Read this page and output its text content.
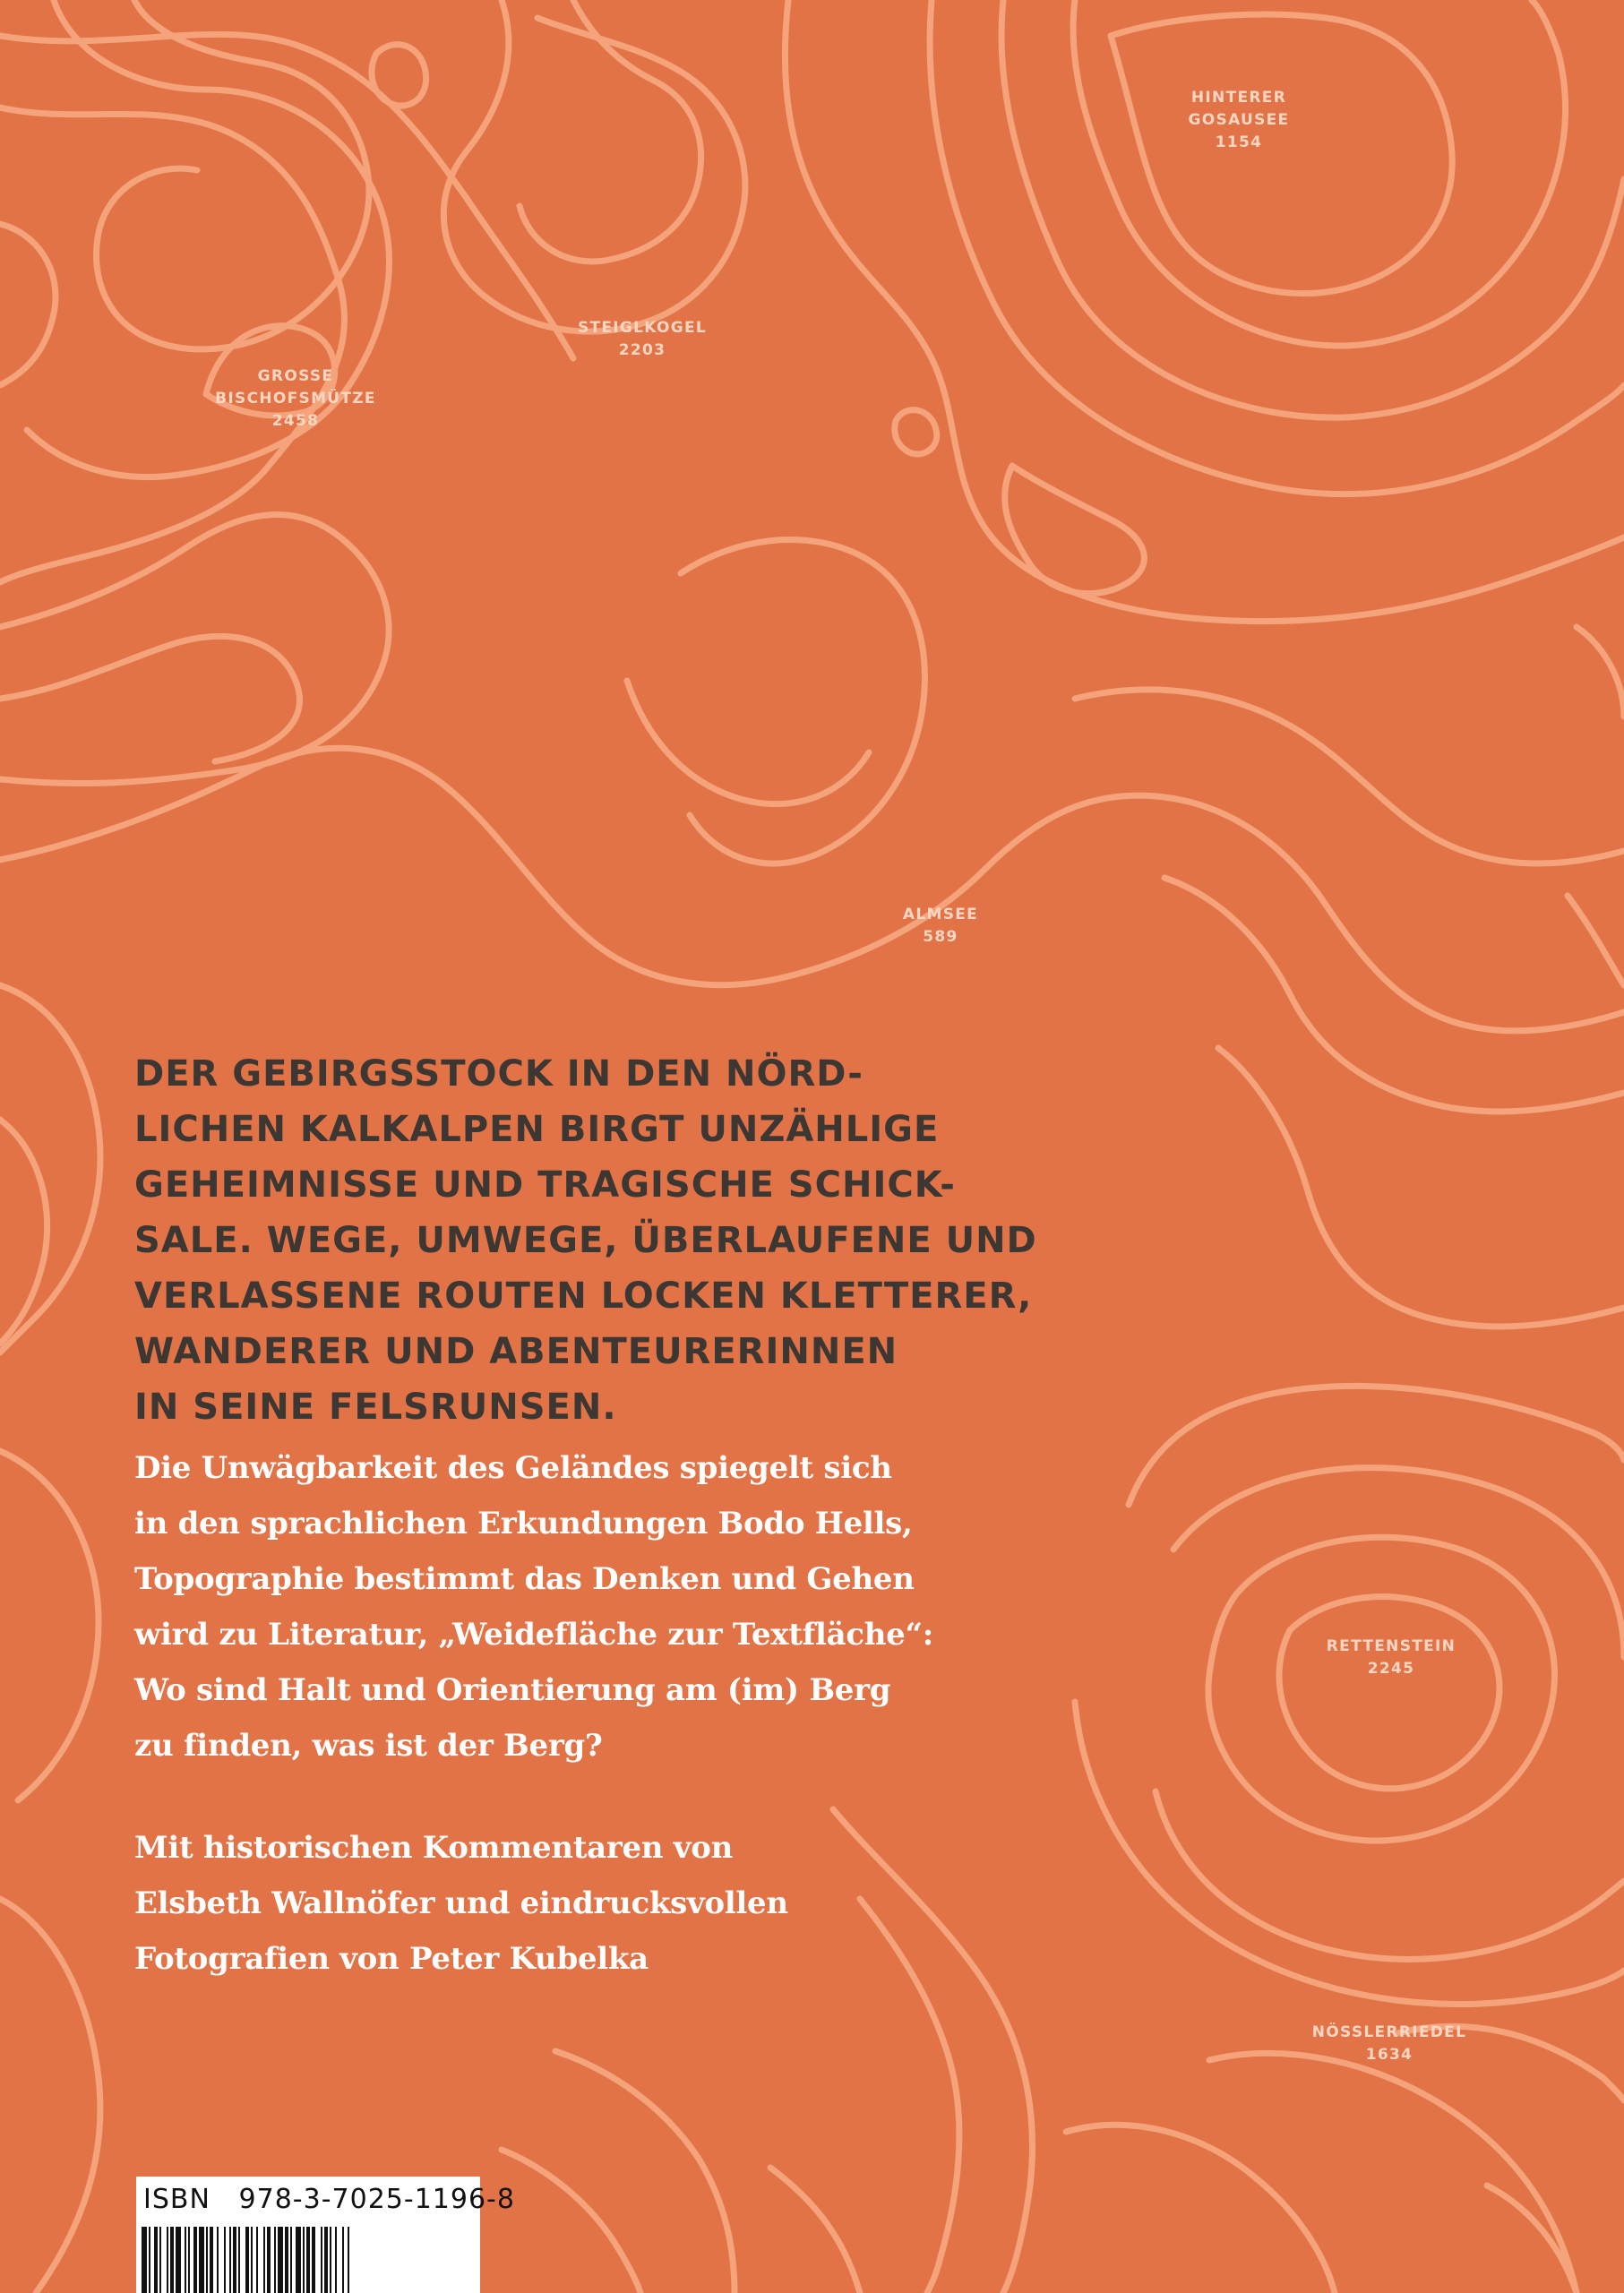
HINTERER
GOSAUSEE
1154
STEIGLKOGEL
2203
GROSSE
BISCHOFSMÜTZE
2458
ALMSEE
589
RETTENSTEIN
2245
NÖSSLERRIEDEL
1634
DER GEBIRGSSTOCK IN DEN NÖRD-
LICHEN KALKALPEN BIRGT UNZÄHLIGE
GEHEIMNISSE UND TRAGISCHE SCHICK-
SALE. WEGE, UMWEGE, ÜBERLAUFENE UND
VERLASSENE ROUTEN LOCKEN KLETTERER,
WANDERER UND ABENTEURERINNEN
IN SEINE FELSRUNSEN.

Die Unwägbarkeit des Geländes spiegelt sich
in den sprachlichen Erkundungen Bodo Hells,
Topographie bestimmt das Denken und Gehen
wird zu Literatur, „Weidefläche zur Textfläche“:
Wo sind Halt und Orientierung am (im) Berg
zu finden, was ist der Berg?

Mit historischen Kommentaren von
Elsbeth Wallnöfer und eindrucksvollen
Fotografien von Peter Kubelka

ISBN 978-3-7025-1196-8
